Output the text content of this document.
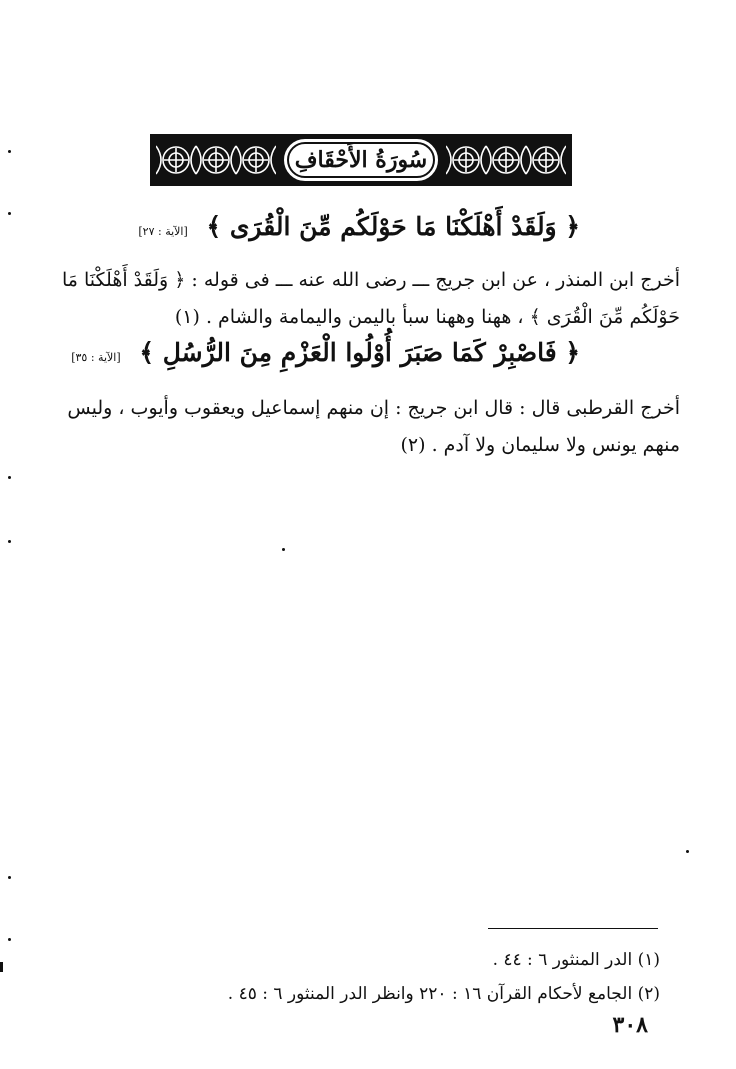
سُورَةُ الأَحْقَافِ
﴿ وَلَقَدْ أَهْلَكْنَا مَا حَوْلَكُم مِّنَ الْقُرَى ﴾ [الآية : ٢٧]
أخرج ابن المنذر ، عن ابن جريج ـــ رضى الله عنه ـــ فى قوله : ﴿ وَلَقَدْ أَهْلَكْنَا مَا
حَوْلَكُم مِّنَ الْقُرَى ﴾ ، ههنا وههنا سبأ باليمن واليمامة والشام . (١)
﴿ فَاصْبِرْ كَمَا صَبَرَ أُوْلُوا الْعَزْمِ مِنَ الرُّسُلِ ﴾ [الآية : ٣٥]
أخرج القرطبى قال : قال ابن جريج : إن منهم إسماعيل ويعقوب وأيوب ، وليس
منهم يونس ولا سليمان ولا آدم . (٢)
(١) الدر المنثور ٦ : ٤٤ .
(٢) الجامع لأحكام القرآن ١٦ : ٢٢٠ وانظر الدر المنثور ٦ : ٤٥ .
٣٠٨
